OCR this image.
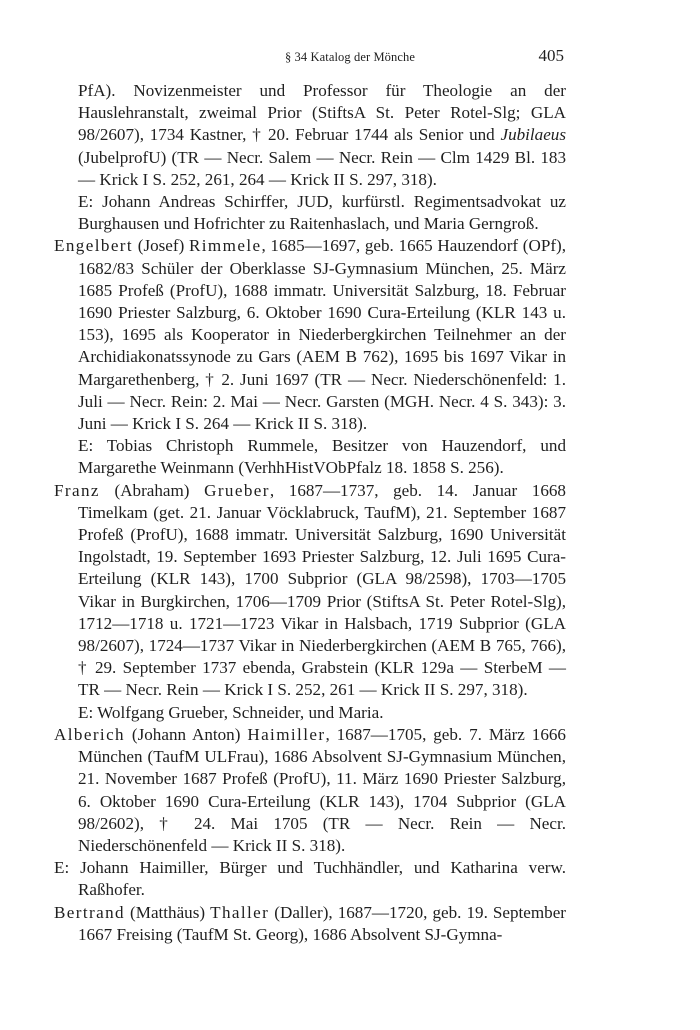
§ 34 Katalog der Mönche	405
PfA). Novizenmeister und Professor für Theologie an der Hauslehranstalt, zweimal Prior (StiftsA St. Peter Rotel-Slg; GLA 98/2607), 1734 Kastner, † 20. Februar 1744 als Senior und Jubilaeus (JubelprofU) (TR — Necr. Salem — Necr. Rein — Clm 1429 Bl. 183 — Krick I S. 252, 261, 264 — Krick II S. 297, 318).
E: Johann Andreas Schirffer, JUD, kurfürstl. Regimentsadvokat uz Burghausen und Hofrichter zu Raitenhaslach, und Maria Gerngroß.
Engelbert (Josef) Rimmele, 1685—1697, geb. 1665 Hauzendorf (OPf), 1682/83 Schüler der Oberklasse SJ-Gymnasium München, 25. März 1685 Profeß (ProfU), 1688 immatr. Universität Salzburg, 18. Februar 1690 Priester Salzburg, 6. Oktober 1690 Cura-Erteilung (KLR 143 u. 153), 1695 als Kooperator in Niederbergkirchen Teilnehmer an der Archidiakonatssynode zu Gars (AEM B 762), 1695 bis 1697 Vikar in Margarethenberg, † 2. Juni 1697 (TR — Necr. Niederschönenfeld: 1. Juli — Necr. Rein: 2. Mai — Necr. Garsten (MGH. Necr. 4 S. 343): 3. Juni — Krick I S. 264 — Krick II S. 318).
E: Tobias Christoph Rummele, Besitzer von Hauzendorf, und Margarethe Weinmann (VerhhHistVObPfalz 18. 1858 S. 256).
Franz (Abraham) Grueber, 1687—1737, geb. 14. Januar 1668 Timelkam (get. 21. Januar Vöcklabruck, TaufM), 21. September 1687 Profeß (ProfU), 1688 immatr. Universität Salzburg, 1690 Universität Ingolstadt, 19. September 1693 Priester Salzburg, 12. Juli 1695 Cura-Erteilung (KLR 143), 1700 Subprior (GLA 98/2598), 1703—1705 Vikar in Burgkirchen, 1706—1709 Prior (StiftsA St. Peter Rotel-Slg), 1712—1718 u. 1721—1723 Vikar in Halsbach, 1719 Subprior (GLA 98/2607), 1724—1737 Vikar in Niederbergkirchen (AEM B 765, 766), † 29. September 1737 ebenda, Grabstein (KLR 129a — SterbeM — TR — Necr. Rein — Krick I S. 252, 261 — Krick II S. 297, 318).
E: Wolfgang Grueber, Schneider, und Maria.
Alberich (Johann Anton) Haimiller, 1687—1705, geb. 7. März 1666 München (TaufM ULFrau), 1686 Absolvent SJ-Gymnasium München, 21. November 1687 Profeß (ProfU), 11. März 1690 Priester Salzburg, 6. Oktober 1690 Cura-Erteilung (KLR 143), 1704 Subprior (GLA 98/2602), † 24. Mai 1705 (TR — Necr. Rein — Necr. Niederschönenfeld — Krick II S. 318).
E: Johann Haimiller, Bürger und Tuchhändler, und Katharina verw. Raßhofer.
Bertrand (Matthäus) Thaller (Daller), 1687—1720, geb. 19. September 1667 Freising (TaufM St. Georg), 1686 Absolvent SJ-Gymna-
